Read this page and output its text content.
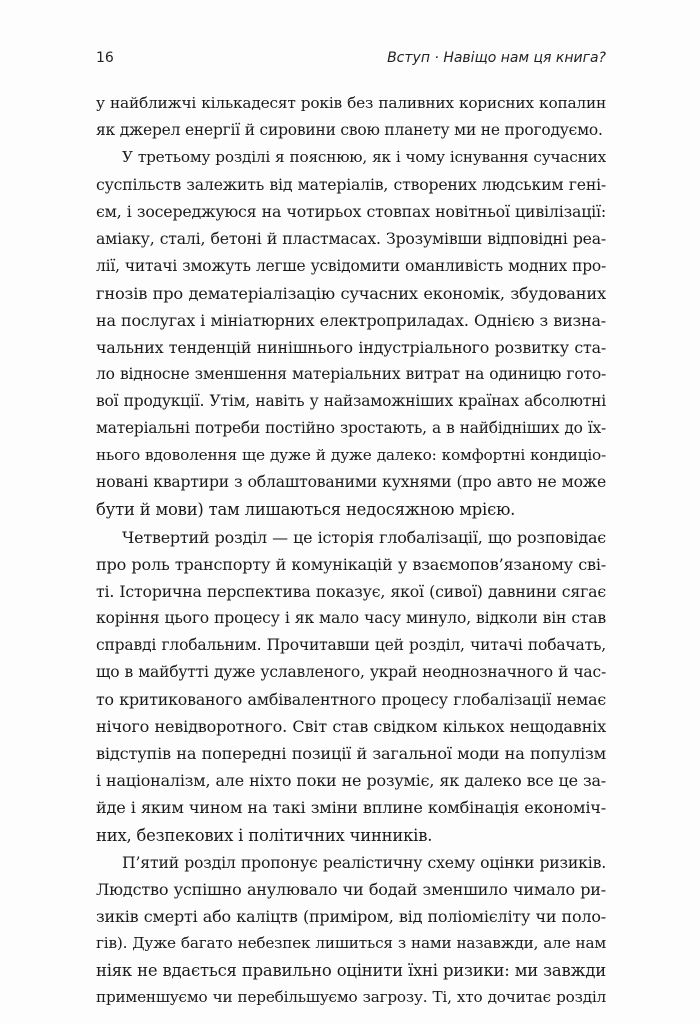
16	Вступ · Навіщо нам ця книга?
у найближчі кількадесят років без паливних корисних копалин
як джерел енергії й сировини свою планету ми не прогодуємо.
У третьому розділі я пояснюю, як і чому існування сучасних
суспільств залежить від матеріалів, створених людським гені-
єм, і зосереджуюся на чотирьох стовпах новітньої цивілізації:
аміаку, сталі, бетоні й пластмасах. Зрозумівши відповідні реа-
лії, читачі зможуть легше усвідомити оманливість модних про-
гнозів про дематеріалізацію сучасних економік, збудованих
на послугах і мініатюрних електроприладах. Однією з визна-
чальних тенденцій нинішнього індустріального розвитку ста-
ло відносне зменшення матеріальних витрат на одиницю гото-
вої продукції. Утім, навіть у найзаможніших країнах абсолютні
матеріальні потреби постійно зростають, а в найбідніших до їх-
нього вдоволення ще дуже й дуже далеко: комфортні кондиціо-
новані квартири з облаштованими кухнями (про авто не може
бути й мови) там лишаються недосяжною мрією.
Четвертий розділ — це історія глобалізації, що розповідає
про роль транспорту й комунікацій у взаємопов’язаному сві-
ті. Історична перспектива показує, якої (сивої) давнини сягає
коріння цього процесу і як мало часу минуло, відколи він став
справді глобальним. Прочитавши цей розділ, читачі побачать,
що в майбутті дуже уславленого, украй неоднозначного й час-
то критикованого амбівалентного процесу глобалізації немає
нічого невідворотного. Світ став свідком кількох нещодавніх
відступів на попередні позиції й загальної моди на популізм
і націоналізм, але ніхто поки не розуміє, як далеко все це за-
йде і яким чином на такі зміни вплине комбінація економіч-
них, безпекових і політичних чинників.
П’ятий розділ пропонує реалістичну схему оцінки ризиків.
Людство успішно анулювало чи бодай зменшило чимало ри-
зиків смерті або каліцтв (приміром, від поліомієліту чи поло-
гів). Дуже багато небезпек лишиться з нами назавжди, але нам
ніяк не вдається правильно оцінити їхні ризики: ми завжди
применшуємо чи перебільшуємо загрозу. Ті, хто дочитає розділ
